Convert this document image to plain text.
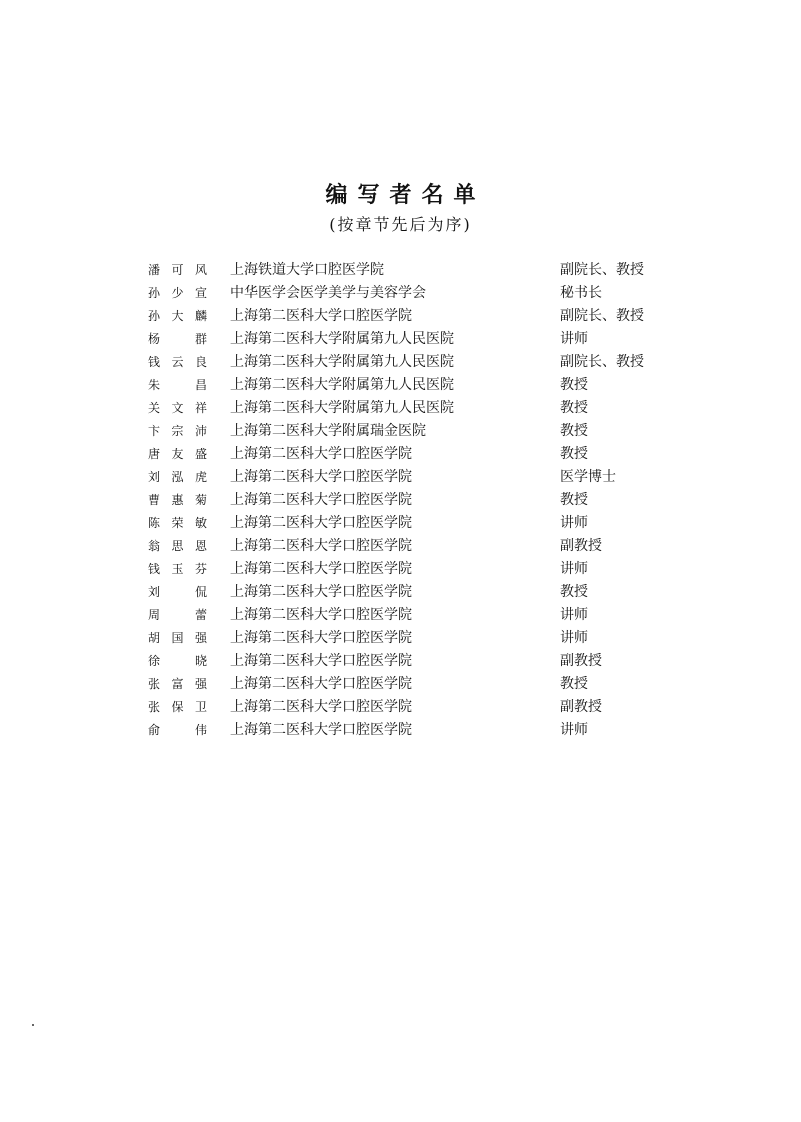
编写者名单
(按章节先后为序)
潘可风 上海铁道大学口腔医学院	副院长、教授
孙少宣 中华医学会医学美学与美容学会	秘书长
孙大麟 上海第二医科大学口腔医学院	副院长、教授
杨 群 上海第二医科大学附属第九人民医院	讲师
钱云良 上海第二医科大学附属第九人民医院	副院长、教授
朱 昌 上海第二医科大学附属第九人民医院	教授
关文祥 上海第二医科大学附属第九人民医院	教授
卞宗沛 上海第二医科大学附属瑞金医院	教授
唐友盛 上海第二医科大学口腔医学院	教授
刘泓虎 上海第二医科大学口腔医学院	医学博士
曹惠菊 上海第二医科大学口腔医学院	教授
陈荣敏 上海第二医科大学口腔医学院	讲师
翁思恩 上海第二医科大学口腔医学院	副教授
钱玉芬 上海第二医科大学口腔医学院	讲师
刘 侃 上海第二医科大学口腔医学院	教授
周 蕾 上海第二医科大学口腔医学院	讲师
胡国强 上海第二医科大学口腔医学院	讲师
徐 晓 上海第二医科大学口腔医学院	副教授
张富强 上海第二医科大学口腔医学院	教授
张保卫 上海第二医科大学口腔医学院	副教授
俞 伟 上海第二医科大学口腔医学院	讲师
